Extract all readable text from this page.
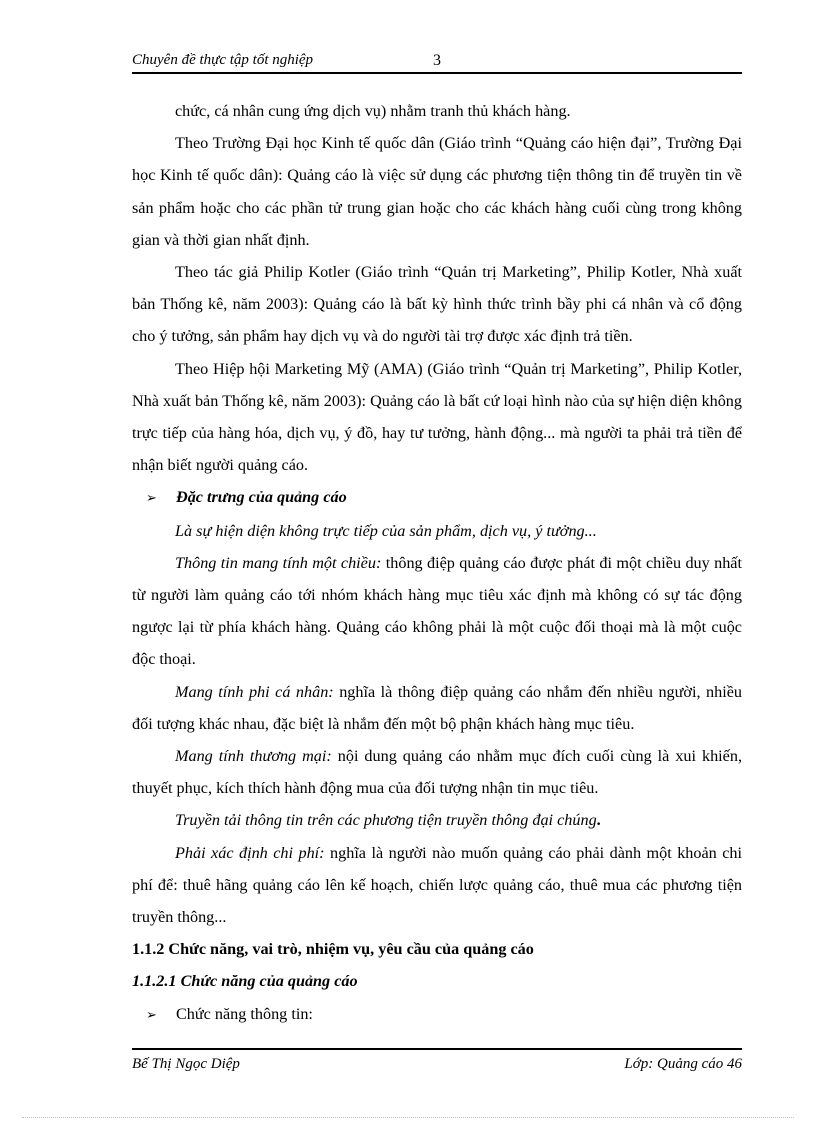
Chuyên đề thực tập tốt nghiệp	3

chức, cá nhân cung ứng dịch vụ) nhằm tranh thủ khách hàng.

Theo Trường Đại học Kinh tế quốc dân (Giáo trình “Quảng cáo hiện đại”, Trường Đại học Kinh tế quốc dân): Quảng cáo là việc sử dụng các phương tiện thông tin để truyền tin về sản phẩm hoặc cho các phần tử trung gian hoặc cho các khách hàng cuối cùng trong không gian và thời gian nhất định.

Theo tác giả Philip Kotler (Giáo trình “Quản trị Marketing”, Philip Kotler, Nhà xuất bản Thống kê, năm 2003): Quảng cáo là bất kỳ hình thức trình bầy phi cá nhân và cổ động cho ý tưởng, sản phẩm hay dịch vụ và do người tài trợ được xác định trả tiền.

Theo Hiệp hội Marketing Mỹ (AMA) (Giáo trình “Quản trị Marketing”, Philip Kotler, Nhà xuất bản Thống kê, năm 2003): Quảng cáo là bất cứ loại hình nào của sự hiện diện không trực tiếp của hàng hóa, dịch vụ, ý đồ, hay tư tưởng, hành động... mà người ta phải trả tiền để nhận biết người quảng cáo.

➢ Đặc trưng của quảng cáo

Là sự hiện diện không trực tiếp của sản phẩm, dịch vụ, ý tưởng...

Thông tin mang tính một chiều: thông điệp quảng cáo được phát đi một chiều duy nhất từ người làm quảng cáo tới nhóm khách hàng mục tiêu xác định mà không có sự tác động ngược lại từ phía khách hàng. Quảng cáo không phải là một cuộc đối thoại mà là một cuộc độc thoại.

Mang tính phi cá nhân: nghĩa là thông điệp quảng cáo nhắm đến nhiều người, nhiều đối tượng khác nhau, đặc biệt là nhắm đến một bộ phận khách hàng mục tiêu.

Mang tính thương mại: nội dung quảng cáo nhằm mục đích cuối cùng là xui khiến, thuyết phục, kích thích hành động mua của đối tượng nhận tin mục tiêu.

Truyền tải thông tin trên các phương tiện truyền thông đại chúng.

Phải xác định chi phí: nghĩa là người nào muốn quảng cáo phải dành một khoản chi phí để: thuê hãng quảng cáo lên kế hoạch, chiến lược quảng cáo, thuê mua các phương tiện truyền thông...

1.1.2 Chức năng, vai trò, nhiệm vụ, yêu cầu của quảng cáo

1.1.2.1 Chức năng của quảng cáo

➢ Chức năng thông tin:

Bế Thị Ngọc Diệp	Lớp: Quảng cáo 46
